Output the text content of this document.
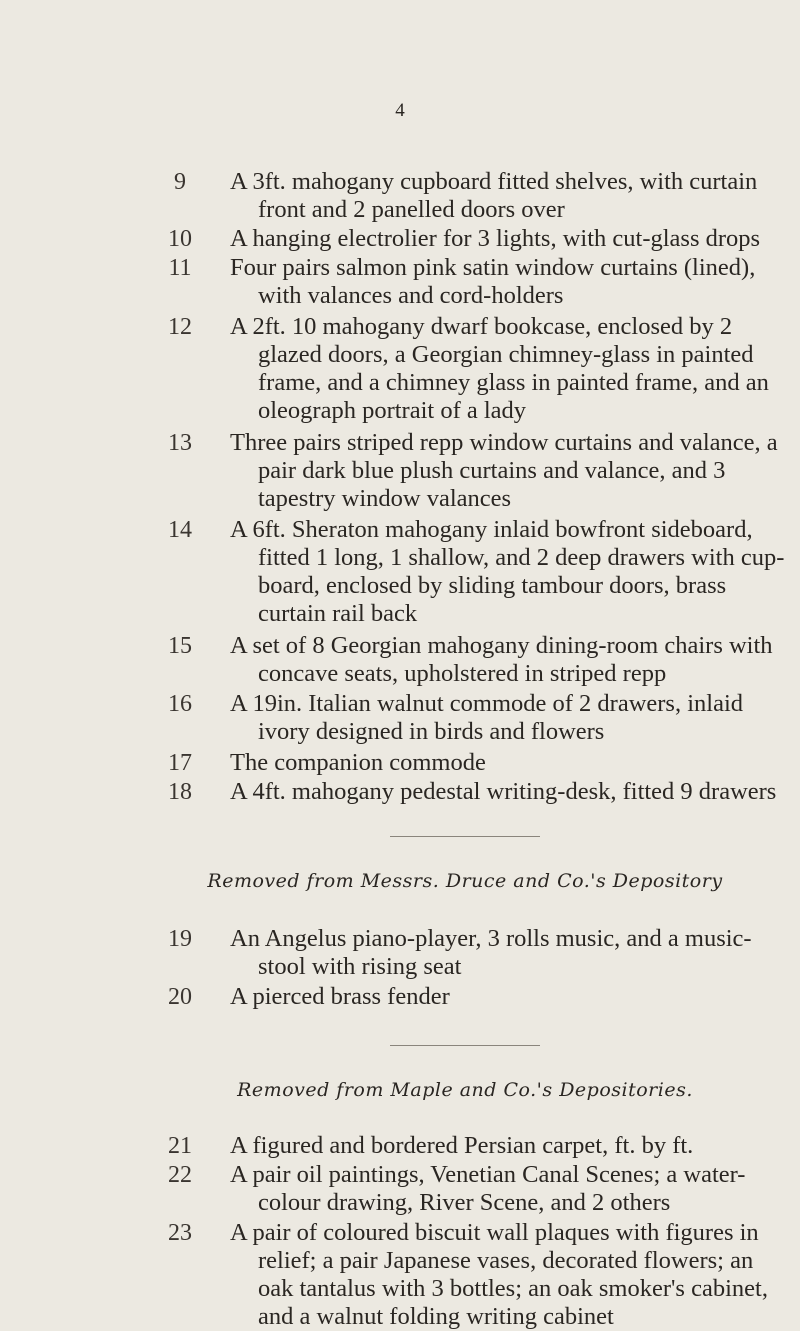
4
9	A 3ft. mahogany cupboard fitted shelves, with curtain front and 2 panelled doors over
10	A hanging electrolier for 3 lights, with cut-glass drops
11	Four pairs salmon pink satin window curtains (lined), with valances and cord-holders
12	A 2ft. 10 mahogany dwarf bookcase, enclosed by 2 glazed doors, a Georgian chimney-glass in painted frame, and a chimney glass in painted frame, and an oleograph portrait of a lady
13	Three pairs striped repp window curtains and valance, a pair dark blue plush curtains and valance, and 3 tapestry window valances
14	A 6ft. Sheraton mahogany inlaid bowfront sideboard, fitted 1 long, 1 shallow, and 2 deep drawers with cup-board, enclosed by sliding tambour doors, brass curtain rail back
15	A set of 8 Georgian mahogany dining-room chairs with concave seats, upholstered in striped repp
16	A 19in. Italian walnut commode of 2 drawers, inlaid ivory designed in birds and flowers
17	The companion commode
18	A 4ft. mahogany pedestal writing-desk, fitted 9 drawers
Removed from Messrs. Druce and Co.'s Depository
19	An Angelus piano-player, 3 rolls music, and a music-stool with rising seat
20	A pierced brass fender
Removed from Maple and Co.'s Depositories.
21	A figured and bordered Persian carpet, ft. by ft.
22	A pair oil paintings, Venetian Canal Scenes; a water-colour drawing, River Scene, and 2 others
23	A pair of coloured biscuit wall plaques with figures in relief; a pair Japanese vases, decorated flowers; an oak tantalus with 3 bottles; an oak smoker's cabinet, and a walnut folding writing cabinet
